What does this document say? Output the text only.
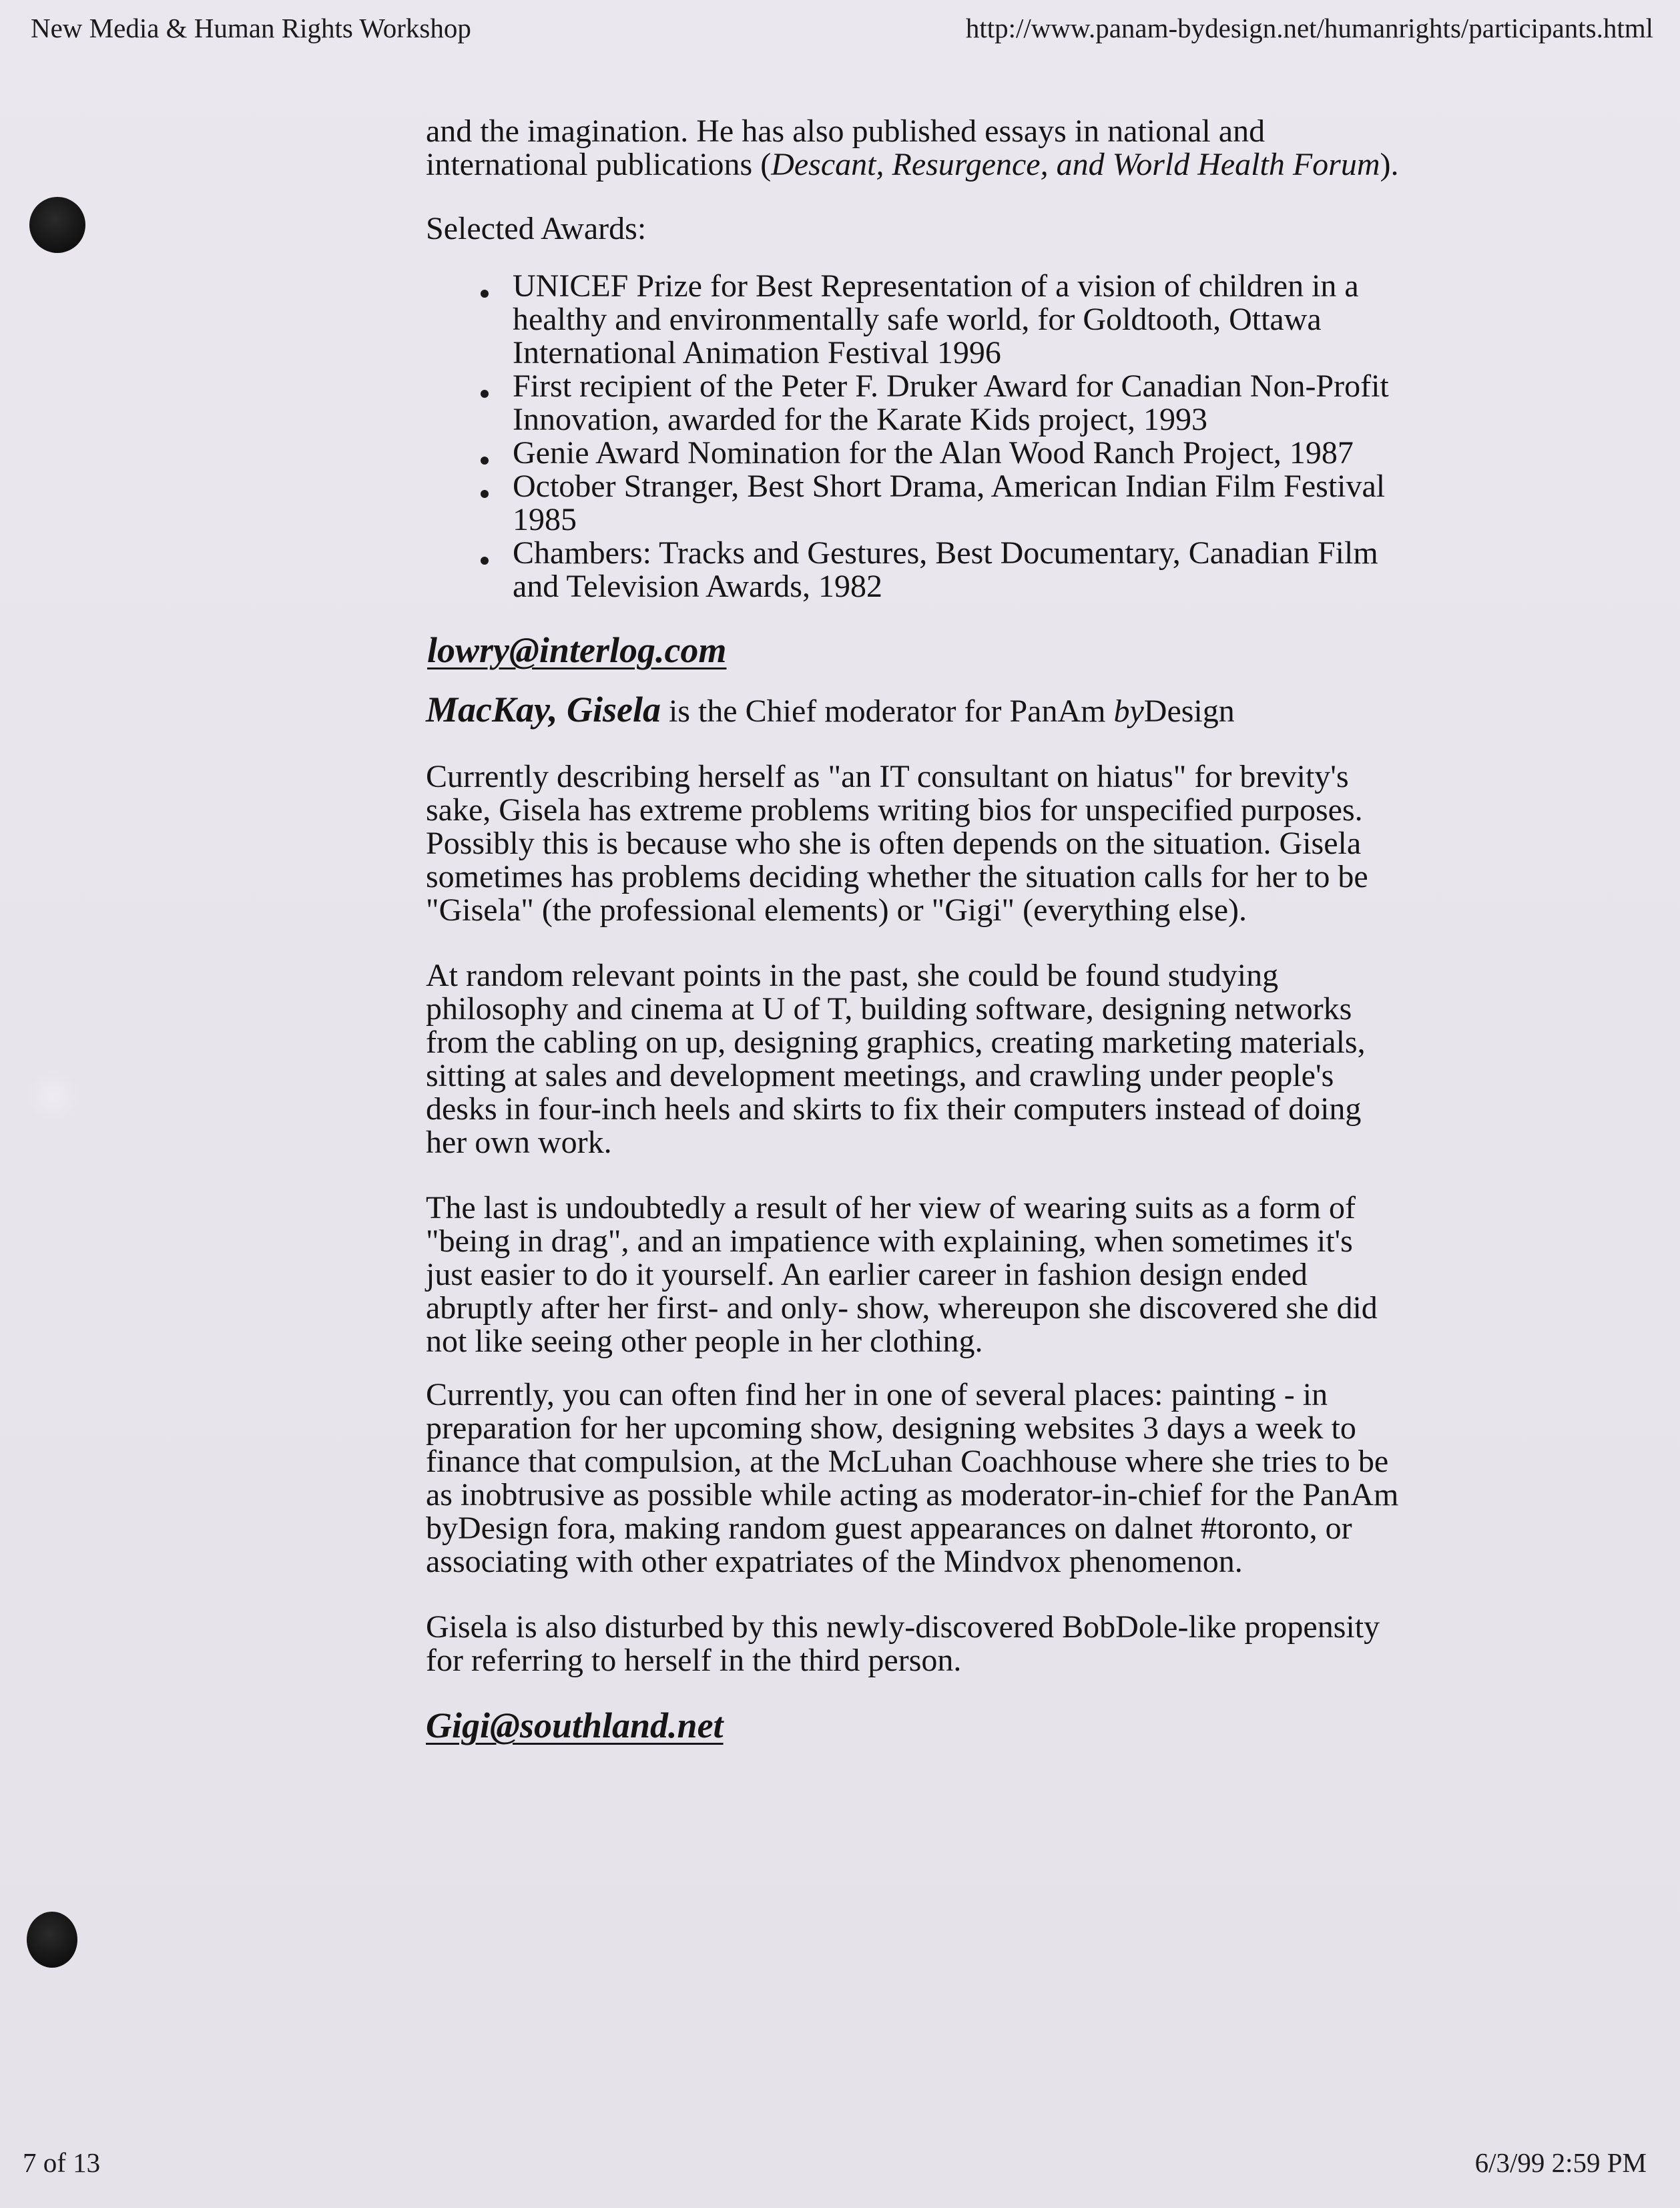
New Media & Human Rights Workshop	http://www.panam-bydesign.net/humanrights/participants.html

and the imagination. He has also published essays in national and international publications (Descant, Resurgence, and World Health Forum).

Selected Awards:

UNICEF Prize for Best Representation of a vision of children in a healthy and environmentally safe world, for Goldtooth, Ottawa International Animation Festival 1996
First recipient of the Peter F. Druker Award for Canadian Non-Profit Innovation, awarded for the Karate Kids project, 1993
Genie Award Nomination for the Alan Wood Ranch Project, 1987
October Stranger, Best Short Drama, American Indian Film Festival 1985
Chambers: Tracks and Gestures, Best Documentary, Canadian Film and Television Awards, 1982
lowry@interlog.com

MacKay, Gisela is the Chief moderator for PanAm byDesign

Currently describing herself as "an IT consultant on hiatus" for brevity's sake, Gisela has extreme problems writing bios for unspecified purposes. Possibly this is because who she is often depends on the situation. Gisela sometimes has problems deciding whether the situation calls for her to be "Gisela" (the professional elements) or "Gigi" (everything else).

At random relevant points in the past, she could be found studying philosophy and cinema at U of T, building software, designing networks from the cabling on up, designing graphics, creating marketing materials, sitting at sales and development meetings, and crawling under people's desks in four-inch heels and skirts to fix their computers instead of doing her own work.

The last is undoubtedly a result of her view of wearing suits as a form of "being in drag", and an impatience with explaining, when sometimes it's just easier to do it yourself. An earlier career in fashion design ended abruptly after her first- and only- show, whereupon she discovered she did not like seeing other people in her clothing.

Currently, you can often find her in one of several places: painting - in preparation for her upcoming show, designing websites 3 days a week to finance that compulsion, at the McLuhan Coachhouse where she tries to be as inobtrusive as possible while acting as moderator-in-chief for the PanAm byDesign fora, making random guest appearances on dalnet #toronto, or associating with other expatriates of the Mindvox phenomenon.

Gisela is also disturbed by this newly-discovered BobDole-like propensity for referring to herself in the third person.

Gigi@southland.net
7 of 13	6/3/99 2:59 PM
